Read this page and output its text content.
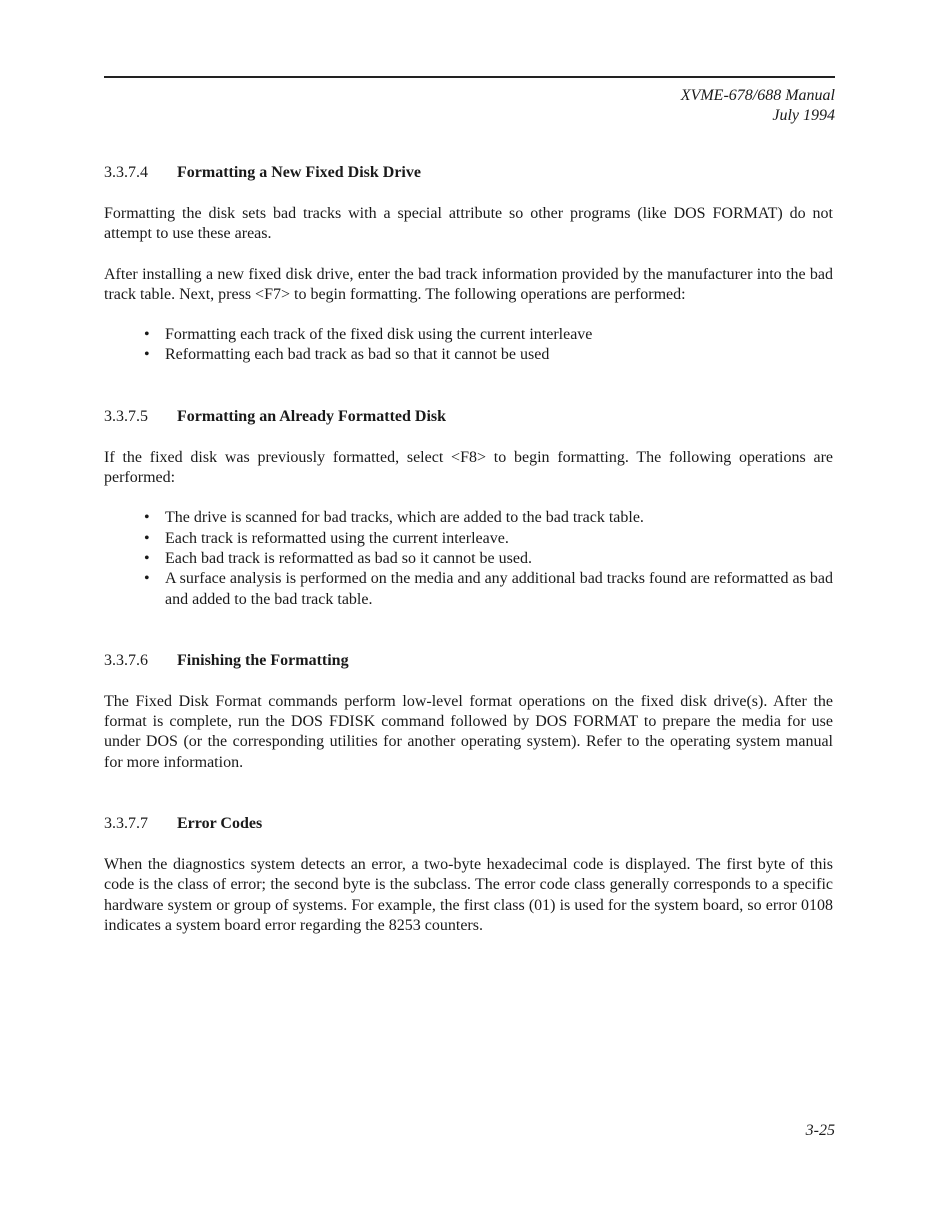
XVME-678/688 Manual
July 1994
3.3.7.4 Formatting a New Fixed Disk Drive

Formatting the disk sets bad tracks with a special attribute so other programs (like DOS FORMAT) do not attempt to use these areas.

After installing a new fixed disk drive, enter the bad track information provided by the manufacturer into the bad track table. Next, press <F7> to begin formatting. The following operations are performed:

• Formatting each track of the fixed disk using the current interleave
• Reformatting each bad track as bad so that it cannot be used
3.3.7.5 Formatting an Already Formatted Disk

If the fixed disk was previously formatted, select <F8> to begin formatting. The following operations are performed:

• The drive is scanned for bad tracks, which are added to the bad track table.
• Each track is reformatted using the current interleave.
• Each bad track is reformatted as bad so it cannot be used.
• A surface analysis is performed on the media and any additional bad tracks found are reformatted as bad and added to the bad track table.
3.3.7.6 Finishing the Formatting

The Fixed Disk Format commands perform low-level format operations on the fixed disk drive(s). After the format is complete, run the DOS FDISK command followed by DOS FORMAT to prepare the media for use under DOS (or the corresponding utilities for another operating system). Refer to the operating system manual for more information.

3.3.7.7 Error Codes

When the diagnostics system detects an error, a two-byte hexadecimal code is displayed. The first byte of this code is the class of error; the second byte is the subclass. The error code class generally corresponds to a specific hardware system or group of systems. For example, the first class (01) is used for the system board, so error 0108 indicates a system board error regarding the 8253 counters.

3-25
